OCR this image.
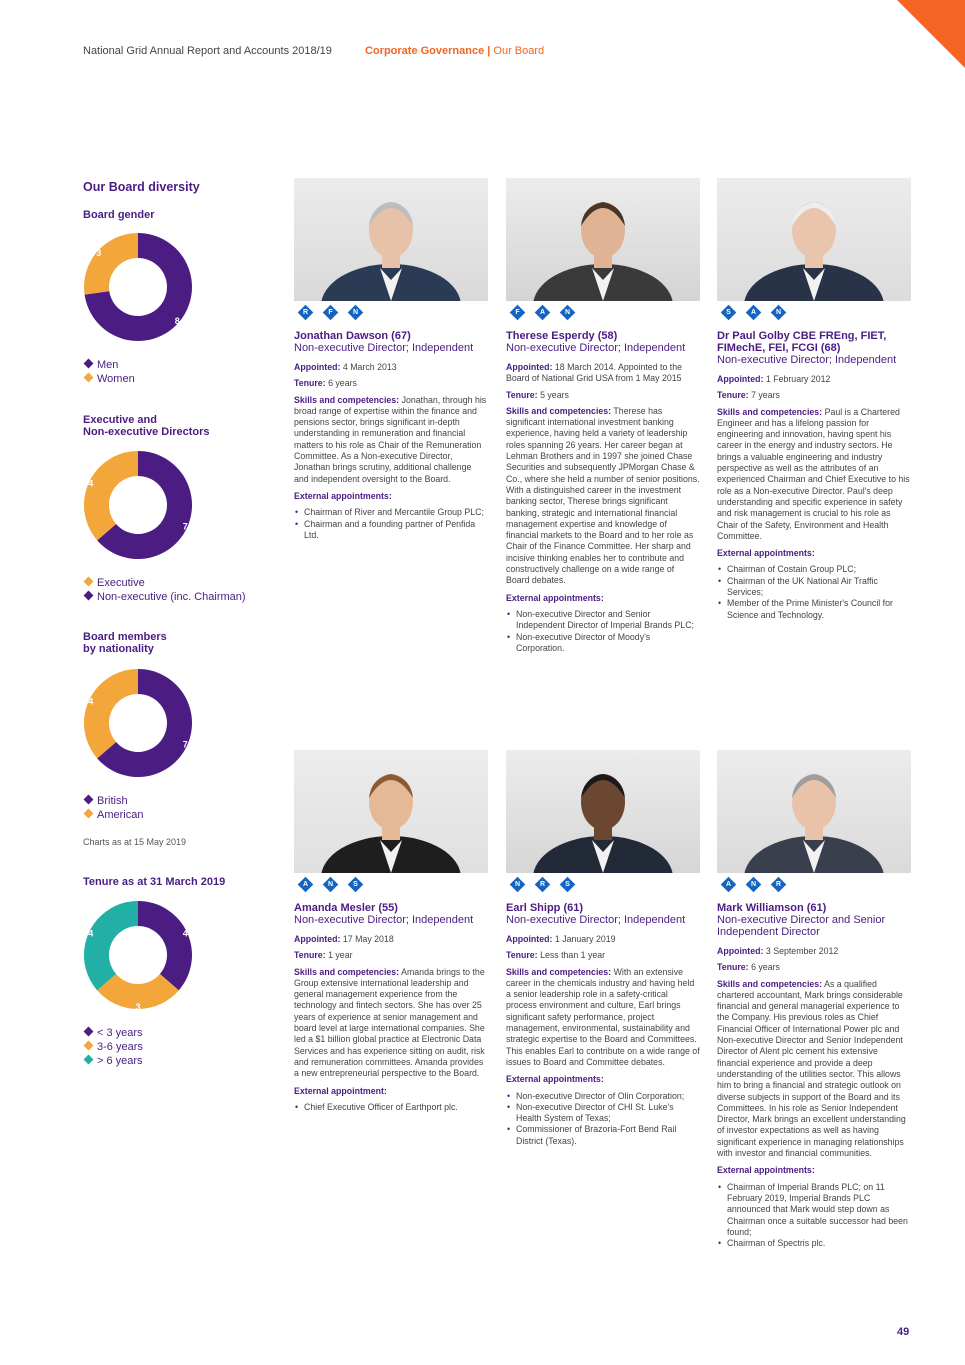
National Grid Annual Report and Accounts 2018/19	Corporate Governance | Our Board
Our Board diversity
Board gender
8
3
Men
Women
Executive and
Non-executive Directors
7
4
Executive
Non-executive (inc. Chairman)
Board members
by nationality
7
4
British
American
Charts as at 15 May 2019
Tenure as at 31 March 2019
4
3
4
< 3 years
3-6 years
> 6 years
R	F	N
Jonathan Dawson (67)
Non-executive Director; Independent
Appointed: 4 March 2013
Tenure: 6 years
Skills and competencies: Jonathan, through his broad range of expertise within the finance and pensions sector, brings significant in-depth understanding in remuneration and financial matters to his role as Chair of the Remuneration Committee. As a Non-executive Director, Jonathan brings scrutiny, additional challenge and independent oversight to the Board.
External appointments:
• Chairman of River and Mercantile Group PLC;
• Chairman and a founding partner of Penfida Ltd.
F	A	N
Therese Esperdy (58)
Non-executive Director; Independent
Appointed: 18 March 2014. Appointed to the Board of National Grid USA from 1 May 2015
Tenure: 5 years
Skills and competencies: Therese has significant international investment banking experience, having held a variety of leadership roles spanning 26 years. Her career began at Lehman Brothers and in 1997 she joined Chase Securities and subsequently JPMorgan Chase & Co., where she held a number of senior positions. With a distinguished career in the investment banking sector, Therese brings significant banking, strategic and international financial management expertise and knowledge of financial markets to the Board and to her role as Chair of the Finance Committee. Her sharp and incisive thinking enables her to contribute and constructively challenge on a wide range of Board debates.
External appointments:
• Non-executive Director and Senior Independent Director of Imperial Brands PLC;
• Non-executive Director of Moody's Corporation.
S	A	N
Dr Paul Golby CBE FREng, FIET, FIMechE, FEI, FCGI (68)
Non-executive Director; Independent
Appointed: 1 February 2012
Tenure: 7 years
Skills and competencies: Paul is a Chartered Engineer and has a lifelong passion for engineering and innovation, having spent his career in the energy and industry sectors. He brings a valuable engineering and industry perspective as well as the attributes of an experienced Chairman and Chief Executive to his role as a Non-executive Director. Paul's deep understanding and specific experience in safety and risk management is crucial to his role as Chair of the Safety, Environment and Health Committee.
External appointments:
• Chairman of Costain Group PLC;
• Chairman of the UK National Air Traffic Services;
• Member of the Prime Minister's Council for Science and Technology.
A	N	S
Amanda Mesler (55)
Non-executive Director; Independent
Appointed: 17 May 2018
Tenure: 1 year
Skills and competencies: Amanda brings to the Group extensive international leadership and general management experience from the technology and fintech sectors. She has over 25 years of experience at senior management and board level at large international companies. She led a $1 billion global practice at Electronic Data Services and has experience sitting on audit, risk and remuneration committees. Amanda provides a new entrepreneurial perspective to the Board.
External appointment:
• Chief Executive Officer of Earthport plc.
N	R	S
Earl Shipp (61)
Non-executive Director; Independent
Appointed: 1 January 2019
Tenure: Less than 1 year
Skills and competencies: With an extensive career in the chemicals industry and having held a senior leadership role in a safety-critical process environment and culture, Earl brings significant safety performance, project management, environmental, sustainability and strategic expertise to the Board and Committees. This enables Earl to contribute on a wide range of issues to Board and Committee debates.
External appointments:
• Non-executive Director of Olin Corporation;
• Non-executive Director of CHI St. Luke's Health System of Texas;
• Commissioner of Brazoria-Fort Bend Rail District (Texas).
A	N	R
Mark Williamson (61)
Non-executive Director and Senior Independent Director
Appointed: 3 September 2012
Tenure: 6 years
Skills and competencies: As a qualified chartered accountant, Mark brings considerable financial and general managerial experience to the Company. His previous roles as Chief Financial Officer of International Power plc and Non-executive Director and Senior Independent Director of Alent plc cement his extensive financial experience and provide a deep understanding of the utilities sector. This allows him to bring a financial and strategic outlook on diverse subjects in support of the Board and its Committees. In his role as Senior Independent Director, Mark brings an excellent understanding of investor expectations as well as having significant experience in managing relationships with investor and financial communities.
External appointments:
• Chairman of Imperial Brands PLC; on 11 February 2019, Imperial Brands PLC announced that Mark would step down as Chairman once a suitable successor had been found;
• Chairman of Spectris plc.
49
